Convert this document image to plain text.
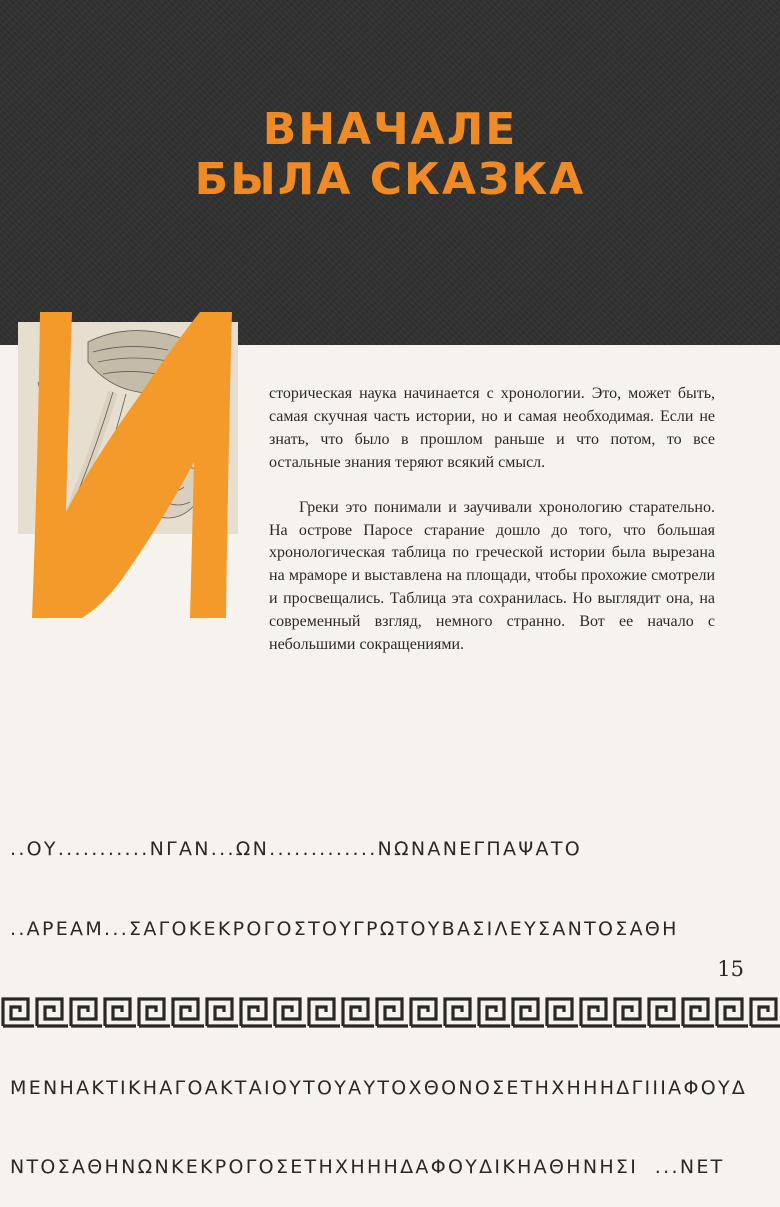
ВНАЧАЛЕ
БЫЛА СКАЗКА

сторическая наука начинается с хронологии. Это, может быть, самая скучная часть истории, но и самая необходимая. Если не знать, что было в прошлом раньше и что потом, то все остальные знания теряют всякий смысл.

Греки это понимали и заучивали хронологию старательно. На острове Паросе старание дошло до того, что большая хронологическая таблица по греческой истории была вырезана на мраморе и выставлена на площади, чтобы прохожие смотрели и просвещались. Таблица эта сохранилась. Но выглядит она, на современный взгляд, немного странно. Вот ее начало с небольшими сокращениями.

..ΟΥ...........ΝΓΑΝ...ΩΝ.............ΝΩΝΑΝΕΓΠΑΨΑΤΟ

..ΑΡΕΑΜ...ΣΑΓΟΚΕΚΡΟΓΟΣΤΟΥΓΡΩΤΟΥΒΑΣΙΛΕΥΣΑΝΤΟΣΑΘΗ

ΜΕΝΗΑΚΤΙΚΗΑΓΟΑΚΤΑΙΟΥΤΟΥΑΥΤΟΧΘΟΝΟΣΕΤΗΧΗΗΗΔΓΙΙΙΑΦΟΥΔ

ΝΤΟΣΑΘΗΝΩΝΚΕΚΡΟΓΟΣΕΤΗΧΗΗΗΔΑΦΟΥΔΙΚΗΑΘΗΝΗΣΙ  ...ΝΕΤ

15
